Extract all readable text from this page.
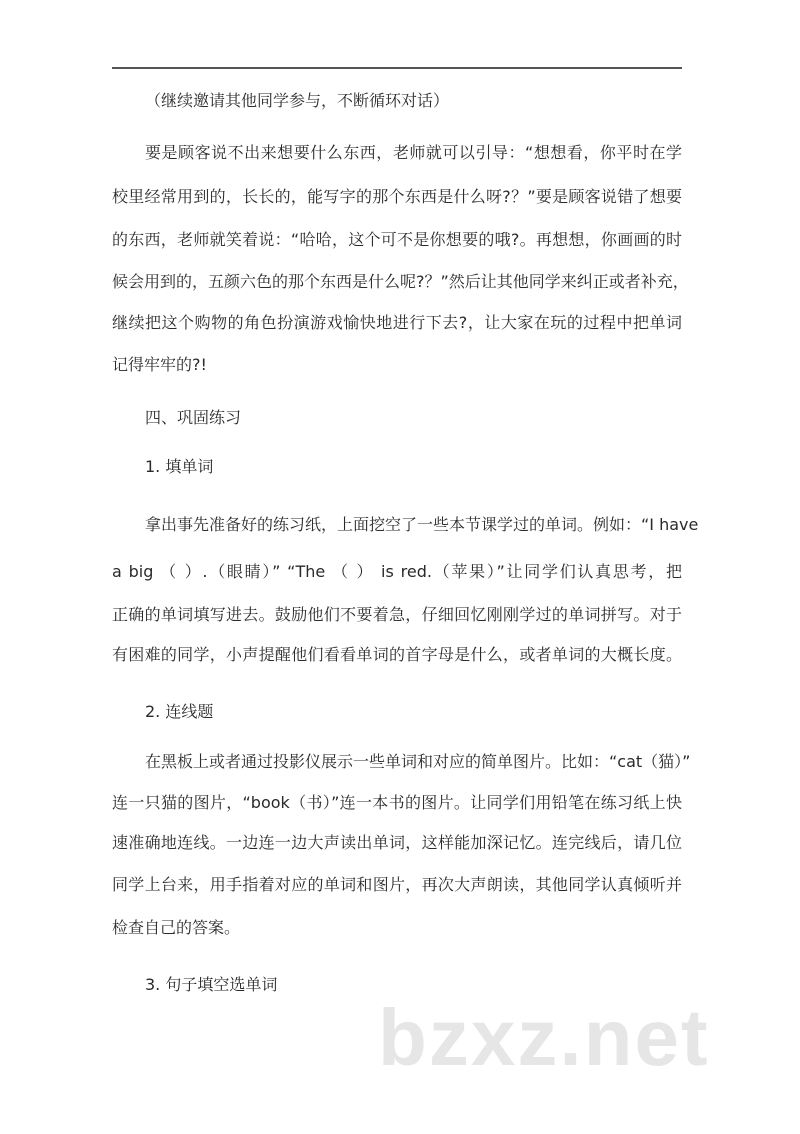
（继续邀请其他同学参与，不断循环对话）
要是顾客说不出来想要什么东西，老师就可以引导：“想想看，你平时在学
校里经常用到的，长长的，能写字的那个东西是什么呀?？”要是顾客说错了想要
的东西，老师就笑着说：“哈哈，这个可不是你想要的哦?。再想想，你画画的时
候会用到的，五颜六色的那个东西是什么呢?？”然后让其他同学来纠正或者补充，
继续把这个购物的角色扮演游戏愉快地进行下去?，让大家在玩的过程中把单词
记得牢牢的?!
四、巩固练习
1. 填单词
拿出事先准备好的练习纸，上面挖空了一些本节课学过的单词。例如：“I have
a big （ ）.（眼睛）” “The （ ） is red.（苹果）”让同学们认真思考，把
正确的单词填写进去。鼓励他们不要着急，仔细回忆刚刚学过的单词拼写。对于
有困难的同学，小声提醒他们看看单词的首字母是什么，或者单词的大概长度。
2. 连线题
在黑板上或者通过投影仪展示一些单词和对应的简单图片。比如：“cat（猫）”
连一只猫的图片，“book（书）”连一本书的图片。让同学们用铅笔在练习纸上快
速准确地连线。一边连一边大声读出单词，这样能加深记忆。连完线后，请几位
同学上台来，用手指着对应的单词和图片，再次大声朗读，其他同学认真倾听并
检查自己的答案。
3. 句子填空选单词
bzxz.net
